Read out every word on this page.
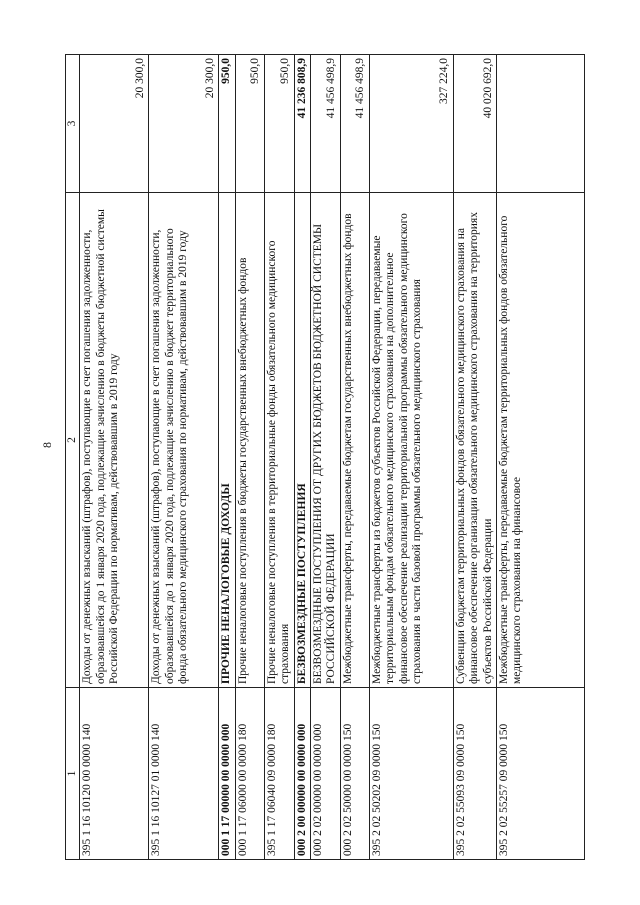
8
1	2	3
395 1 16 10120 00 0000 140	Доходы от денежных взысканий (штрафов), поступающие в счет погашения задолженности, образовавшейся до 1 января 2020 года, подлежащие зачислению в бюджеты бюджетной системы Российской Федерации по нормативам, действовавшим в 2019 году	20 300,0
395 1 16 10127 01 0000 140	Доходы от денежных взысканий (штрафов), поступающие в счет погашения задолженности, образовавшейся до 1 января 2020 года, подлежащие зачислению в бюджет территориального фонда обязательного медицинского страхования по нормативам, действовавшим в 2019 году	20 300,0
000 1 17 00000 00 0000 000	ПРОЧИЕ НЕНАЛОГОВЫЕ ДОХОДЫ	950,0
000 1 17 06000 00 0000 180	Прочие неналоговые поступления в бюджеты государственных внебюджетных фондов	950,0
395 1 17 06040 09 0000 180	Прочие неналоговые поступления в территориальные фонды обязательного медицинского страхования	950,0
000 2 00 00000 00 0000 000	БЕЗВОЗМЕЗДНЫЕ ПОСТУПЛЕНИЯ	41 236 808,9
000 2 02 00000 00 0000 000	БЕЗВОЗМЕЗДНЫЕ ПОСТУПЛЕНИЯ ОТ ДРУГИХ БЮДЖЕТОВ БЮДЖЕТНОЙ СИСТЕМЫ РОССИЙСКОЙ ФЕДЕРАЦИИ	41 456 498,9
000 2 02 50000 00 0000 150	Межбюджетные трансферты, передаваемые бюджетам государственных внебюджетных фондов	41 456 498,9
395 2 02 50202 09 0000 150	Межбюджетные трансферты из бюджетов субъектов Российской Федерации, передаваемые территориальным фондам обязательного медицинского страхования на дополнительное финансовое обеспечение реализации территориальной программы обязательного медицинского страхования в части базовой программы обязательного медицинского страхования	327 224,0
395 2 02 55093 09 0000 150	Субвенции бюджетам территориальных фондов обязательного медицинского страхования на финансовое обеспечение организации обязательного медицинского страхования на территориях субъектов Российской Федерации	40 020 692,0
395 2 02 55257 09 0000 150	Межбюджетные трансферты, передаваемые бюджетам территориальных фондов обязательного медицинского страхования на финансовое	
